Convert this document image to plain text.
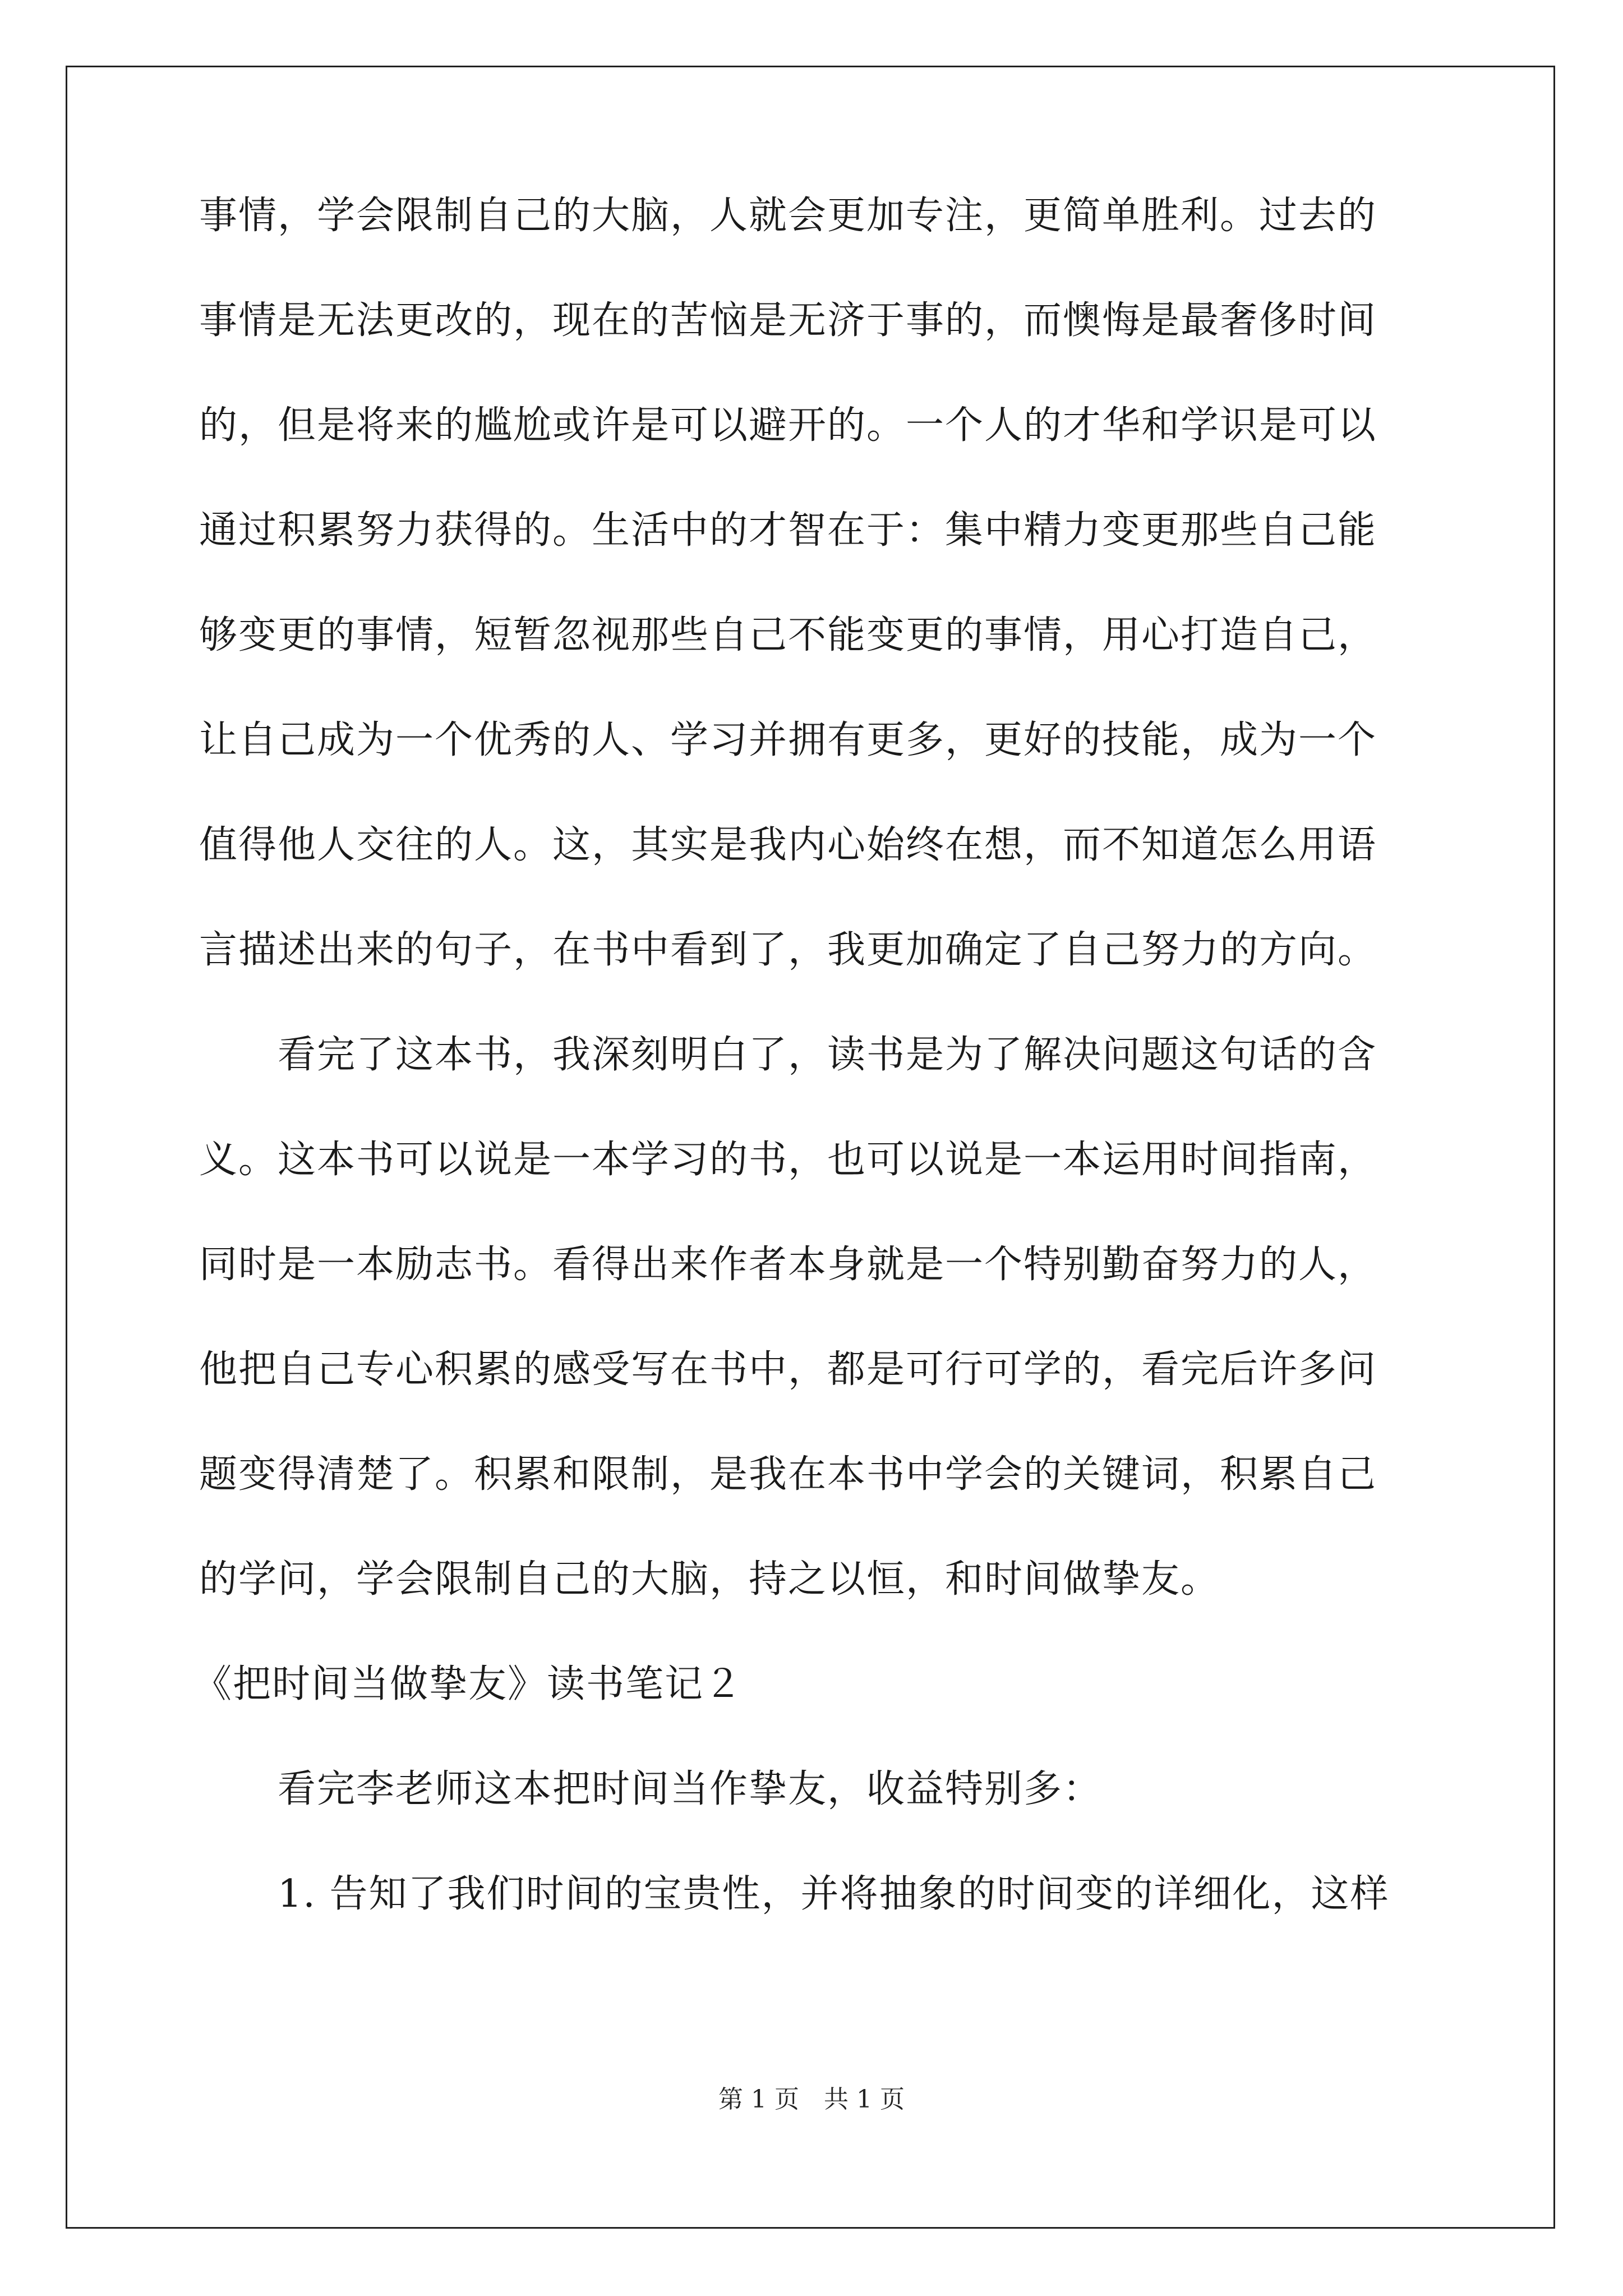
事情，学会限制自己的大脑，人就会更加专注，更简单胜利。过去的
事情是无法更改的，现在的苦恼是无济于事的，而懊悔是最奢侈时间
的，但是将来的尴尬或许是可以避开的。一个人的才华和学识是可以
通过积累努力获得的。生活中的才智在于：集中精力变更那些自己能
够变更的事情，短暂忽视那些自己不能变更的事情，用心打造自己，
让自己成为一个优秀的人、学习并拥有更多，更好的技能，成为一个
值得他人交往的人。这，其实是我内心始终在想，而不知道怎么用语
言描述出来的句子，在书中看到了，我更加确定了自己努力的方向。
看完了这本书，我深刻明白了，读书是为了解决问题这句话的含
义。这本书可以说是一本学习的书，也可以说是一本运用时间指南，
同时是一本励志书。看得出来作者本身就是一个特别勤奋努力的人，
他把自己专心积累的感受写在书中，都是可行可学的，看完后许多问
题变得清楚了。积累和限制，是我在本书中学会的关键词，积累自己
的学问，学会限制自己的大脑，持之以恒，和时间做挚友。
《把时间当做挚友》读书笔记２
看完李老师这本把时间当作挚友，收益特别多：
1. 告知了我们时间的宝贵性，并将抽象的时间变的详细化，这样
第 1 页　共 1 页
